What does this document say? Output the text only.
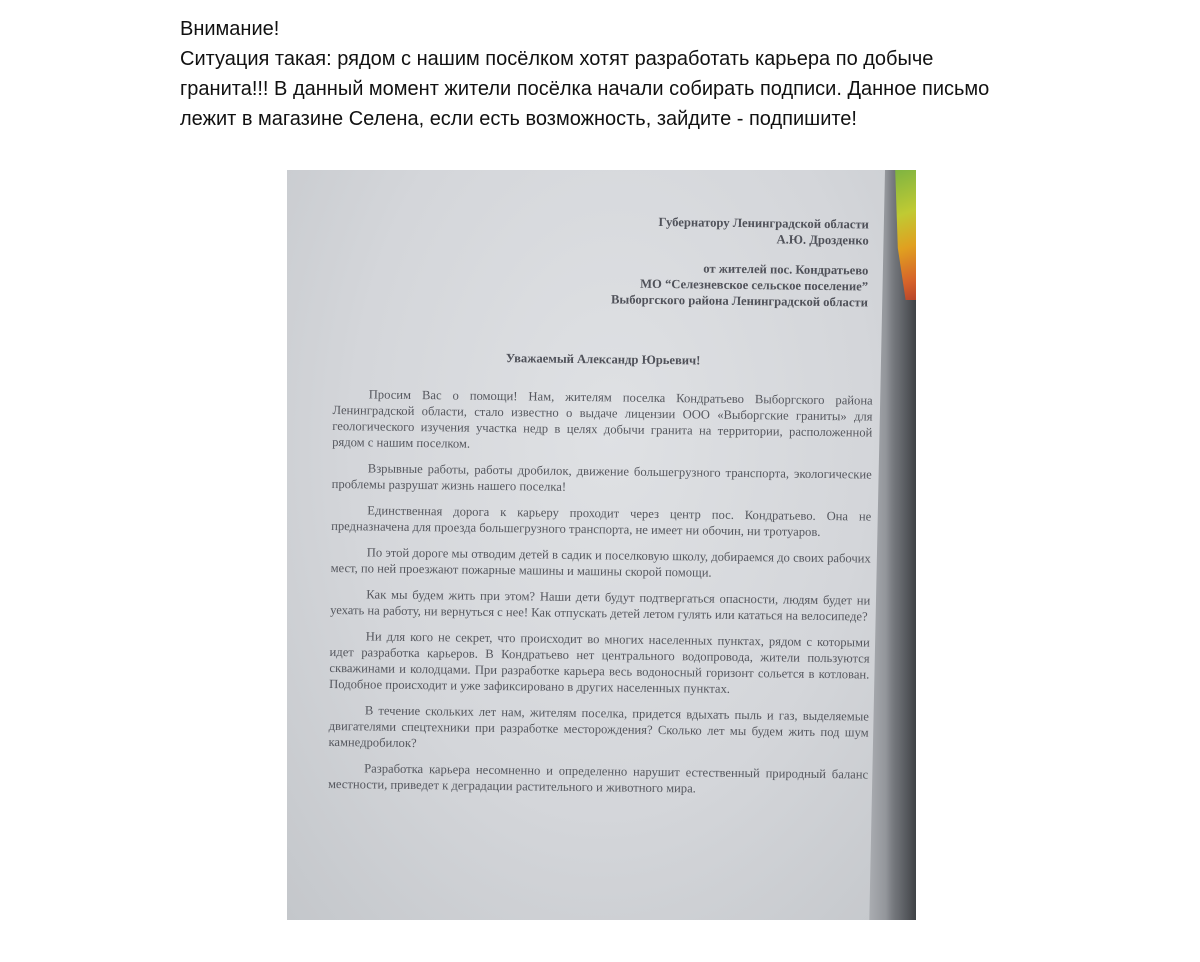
Внимание!

Ситуация такая: рядом с нашим посёлком хотят разработать карьера по добыче гранита!!! В данный момент жители посёлка начали собирать подписи. Данное письмо лежит в магазине Селена, если есть возможность, зайдите - подпишите!

Губернатору Ленинградской области
А.Ю. Дрозденко
от жителей пос. Кондратьево
МО “Селезневское сельское поселение”
Выборгского района Ленинградской области
Уважаемый Александр Юрьевич!

Просим Вас о помощи! Нам, жителям поселка Кондратьево Выборгского района Ленинградской области, стало известно о выдаче лицензии ООО «Выборгские граниты» для геологического изучения участка недр в целях добычи гранита на территории, расположенной рядом с нашим поселком.

Взрывные работы, работы дробилок, движение большегрузного транспорта, экологические проблемы разрушат жизнь нашего поселка!

Единственная дорога к карьеру проходит через центр пос. Кондратьево. Она не предназначена для проезда большегрузного транспорта, не имеет ни обочин, ни тротуаров.

По этой дороге мы отводим детей в садик и поселковую школу, добираемся до своих рабочих мест, по ней проезжают пожарные машины и машины скорой помощи.

Как мы будем жить при этом? Наши дети будут подтвергаться опасности, людям будет ни уехать на работу, ни вернуться с нее! Как отпускать детей летом гулять или кататься на велосипеде?

Ни для кого не секрет, что происходит во многих населенных пунктах, рядом с которыми идет разработка карьеров. В Кондратьево нет центрального водопровода, жители пользуются скважинами и колодцами. При разработке карьера весь водоносный горизонт сольется в котлован. Подобное происходит и уже зафиксировано в других населенных пунктах.

В течение скольких лет нам, жителям поселка, придется вдыхать пыль и газ, выделяемые двигателями спецтехники при разработке месторождения? Сколько лет мы будем жить под шум камнедробилок?

Разработка карьера несомненно и определенно нарушит естественный природный баланс местности, приведет к деградации растительного и животного мира.
